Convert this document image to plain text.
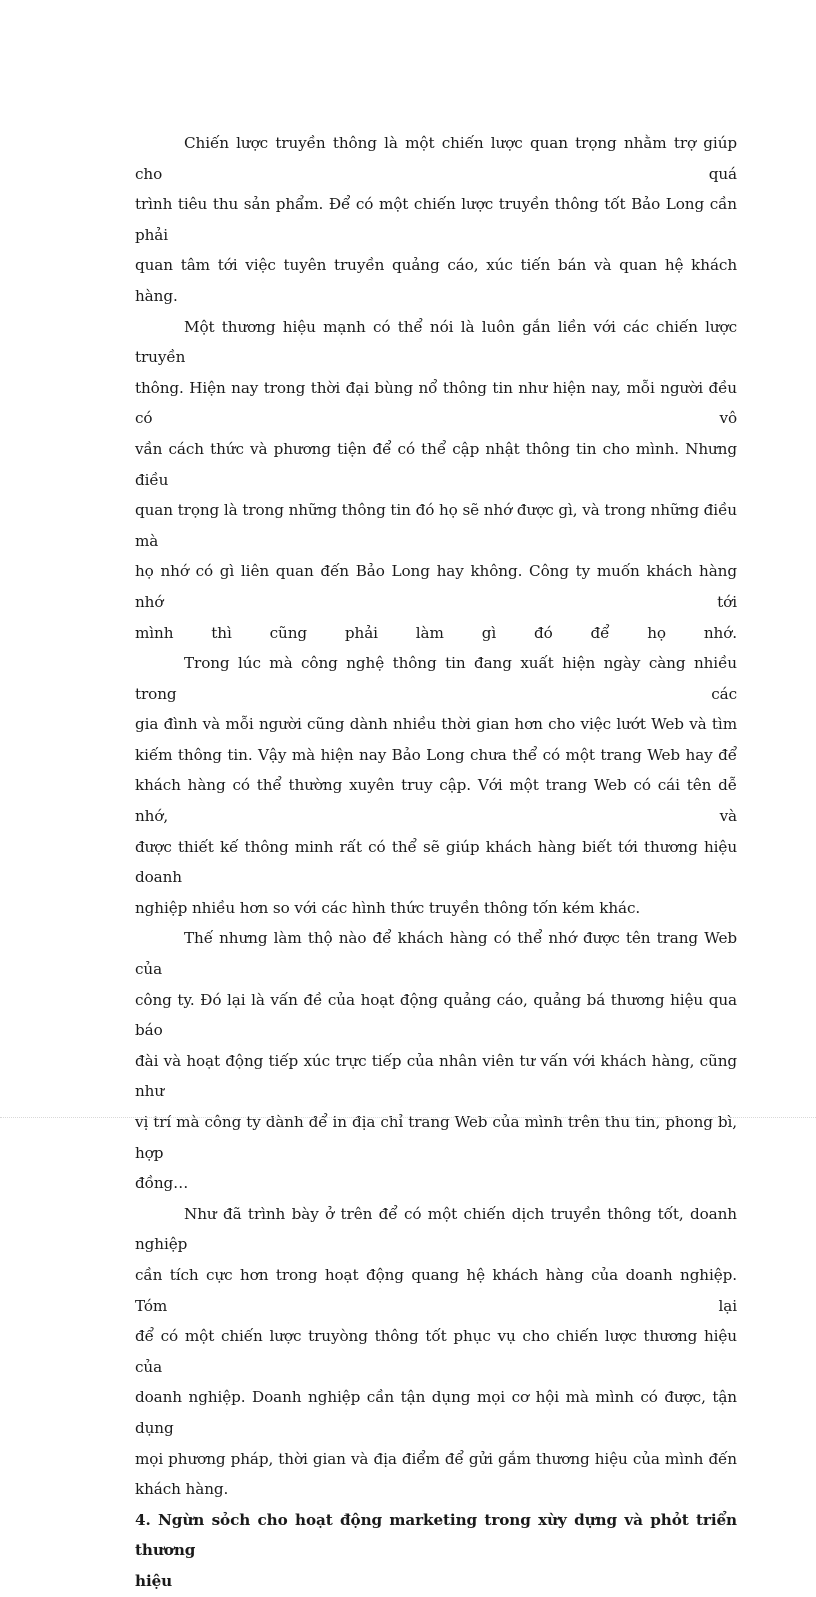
Chiến lược truyền thông là một chiến lược quan trọng nhằm trợ giúp cho quá
trình tiêu thu sản phẩm. Để có một chiến lược truyền thông tốt Bảo Long cần phải
quan tâm tới việc tuyên truyền quảng cáo, xúc tiến bán và quan hệ khách hàng.

Một thương hiệu mạnh có thể nói là luôn gắn liền với các chiến lược truyền
thông. Hiện nay trong thời đại bùng nổ thông tin như hiện nay, mỗi người đều có vô
vần cách thức và phương tiện để có thể cập nhật thông tin cho mình. Nhưng điều
quan trọng là trong những thông tin đó họ sẽ nhớ được gì, và trong những điều mà
họ nhớ có gì liên quan đến Bảo Long hay không. Công ty muốn khách hàng nhớ tới
mình thì cũng phải làm gì đó để họ nhớ.

Trong lúc mà công nghệ thông tin đang xuất hiện ngày càng nhiều trong các
gia đình và mỗi người cũng dành nhiều thời gian hơn cho việc lướt Web và tìm
kiếm thông tin. Vậy mà hiện nay Bảo Long chưa thể có một trang Web hay để
khách hàng có thể thường xuyên truy cập. Với một trang Web có cái tên dễ nhớ, và
được thiết kế thông minh rất có thể sẽ giúp khách hàng biết tới thương hiệu doanh
nghiệp nhiều hơn so với các hình thức truyền thông tốn kém khác.

Thế nhưng làm thộ nào để khách hàng có thể nhớ được tên trang Web của
công ty. Đó lại là vấn đề của hoạt động quảng cáo, quảng bá thương hiệu qua báo
đài và hoạt động tiếp xúc trực tiếp của nhân viên tư vấn với khách hàng, cũng như
vị trí mà công ty dành để in địa chỉ trang Web của mình trên thu tin, phong bì, hợp
đồng…

Như đã trình bày ở trên để có một chiến dịch truyền thông tốt, doanh nghiệp
cần tích cực hơn trong hoạt động quang hệ khách hàng của doanh nghiệp. Tóm lại
để có một chiến lược truyòng thông tốt phục vụ cho chiến lược thương hiệu của
doanh nghiệp. Doanh nghiệp cần tận dụng mọi cơ hội mà mình có được, tận dụng
mọi phương pháp, thời gian và địa điểm để gửi gắm thương hiệu của mình đến
khách hàng.

4. Ngừn sỏch cho hoạt động marketing trong xừy dựng và phỏt triển thương
hiệu
